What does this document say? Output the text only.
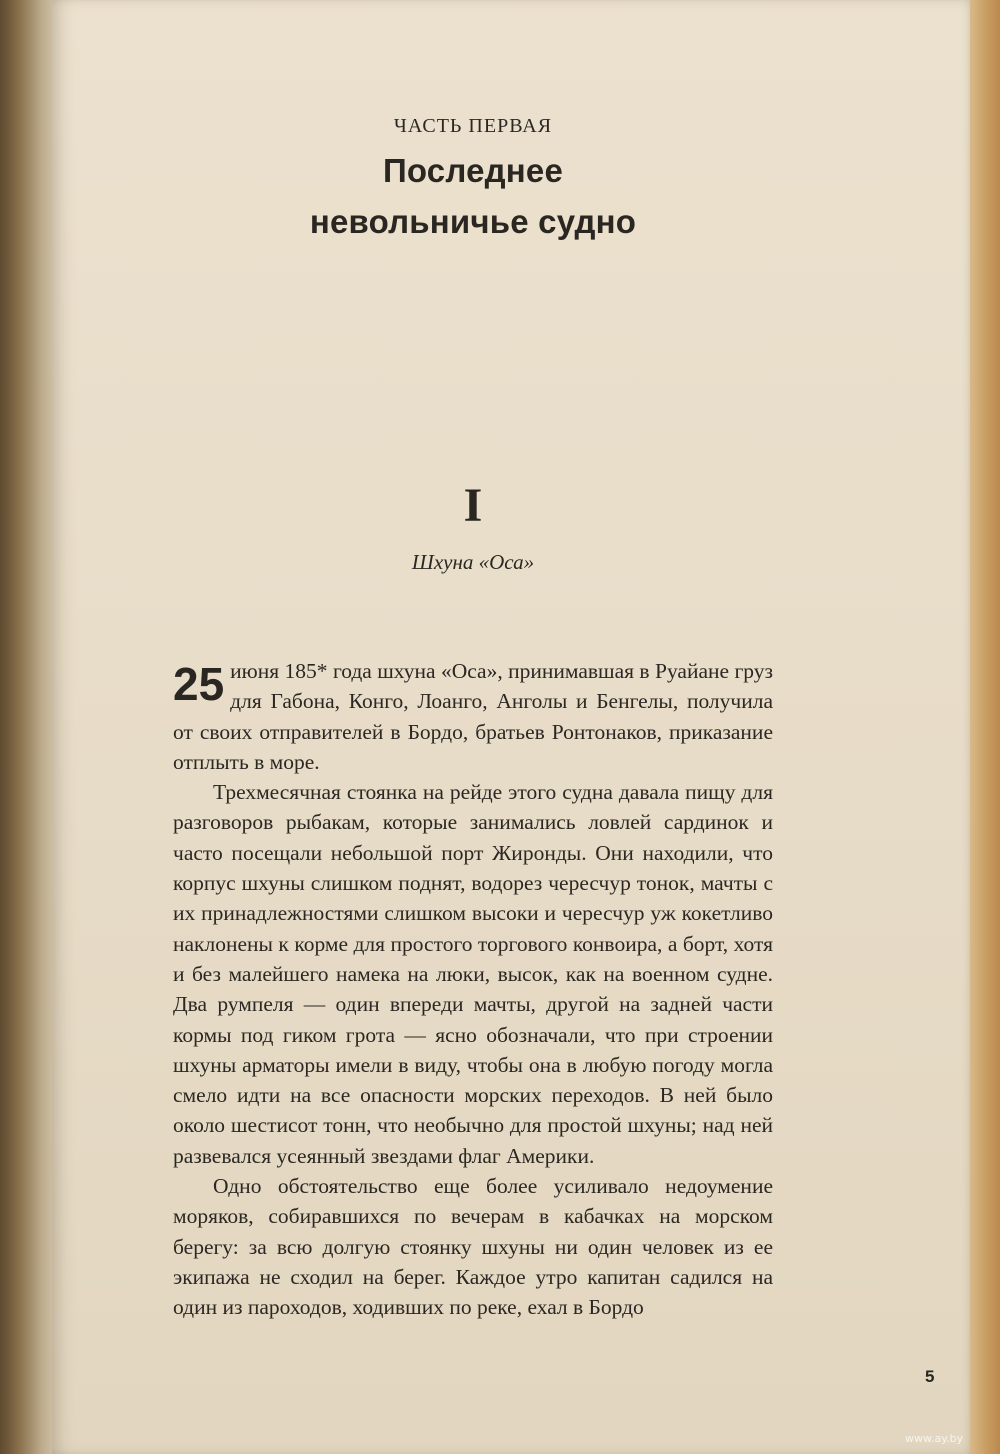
ЧАСТЬ ПЕРВАЯ
Последнее
невольничье судно
I
Шхуна «Оса»

25 июня 185* года шхуна «Оса», принимавшая в Руайане груз для Габона, Конго, Лоанго, Анголы и Бенгелы, получила от своих отправителей в Бордо, братьев Ронтонаков, приказание отплыть в море.

Трехмесячная стоянка на рейде этого судна давала пищу для разговоров рыбакам, которые занимались ловлей сардинок и часто посещали небольшой порт Жиронды. Они находили, что корпус шхуны слишком поднят, водорез чересчур тонок, мачты с их принадлежностями слишком высоки и чересчур уж кокетливо наклонены к корме для простого торгового конвоира, а борт, хотя и без малейшего намека на люки, высок, как на военном судне. Два румпеля — один впереди мачты, другой на задней части кормы под гиком грота — ясно обозначали, что при строении шхуны арматоры имели в виду, чтобы она в любую погоду могла смело идти на все опасности морских переходов. В ней было около шестисот тонн, что необычно для простой шхуны; над ней развевался усеянный звездами флаг Америки.

Одно обстоятельство еще более усиливало недоумение моряков, собиравшихся по вечерам в кабачках на морском берегу: за всю долгую стоянку шхуны ни один человек из ее экипажа не сходил на берег. Каждое утро капитан садился на один из пароходов, ходивших по реке, ехал в Бордо

5
www.ay.by
